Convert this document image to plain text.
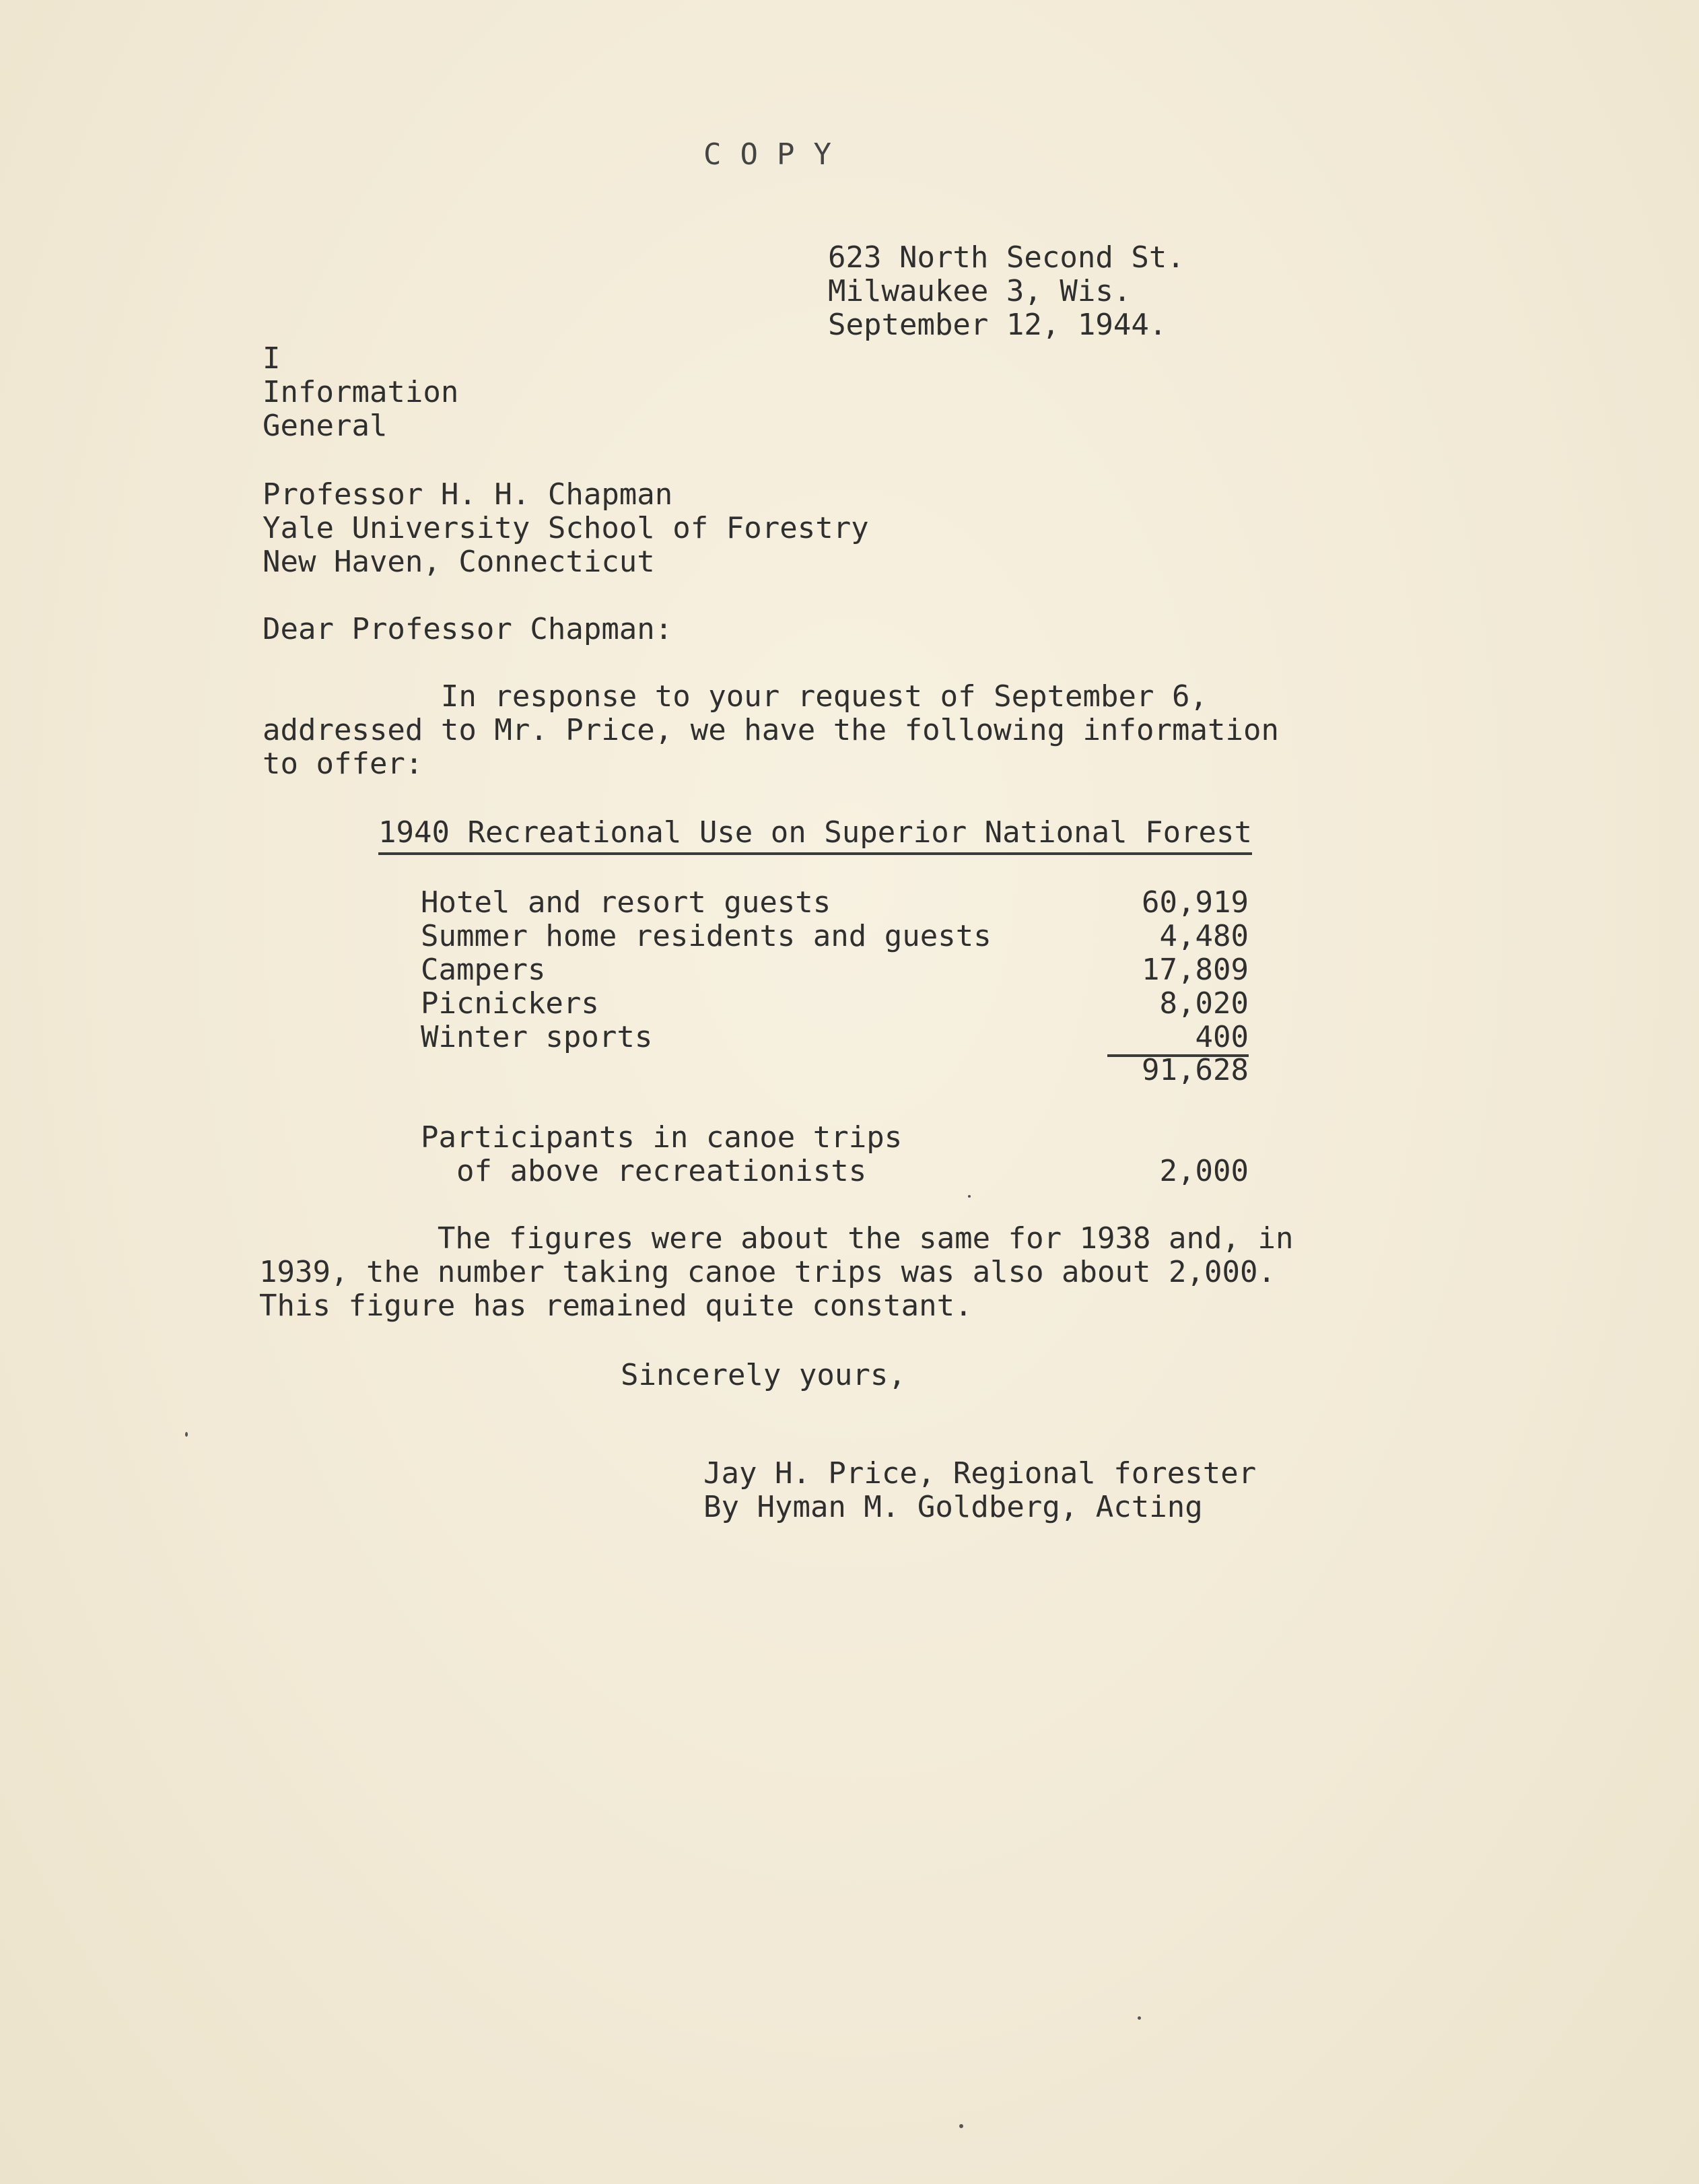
COPY
623 North Second St.
Milwaukee 3, Wis.
September 12, 1944.
I
Information
General
Professor H. H. Chapman
Yale University School of Forestry
New Haven, Connecticut
Dear Professor Chapman:
In response to your request of September 6,
addressed to Mr. Price, we have the following information
to offer:
1940 Recreational Use on Superior National Forest
Hotel and resort guests	60,919
Summer home residents and guests	4,480
Campers	17,809
Picnickers	8,020
Winter sports	400
91,628
Participants in canoe trips
of above recreationists	2,000
The figures were about the same for 1938 and, in
1939, the number taking canoe trips was also about 2,000.
This figure has remained quite constant.
Sincerely yours,
Jay H. Price, Regional forester
By Hyman M. Goldberg, Acting
